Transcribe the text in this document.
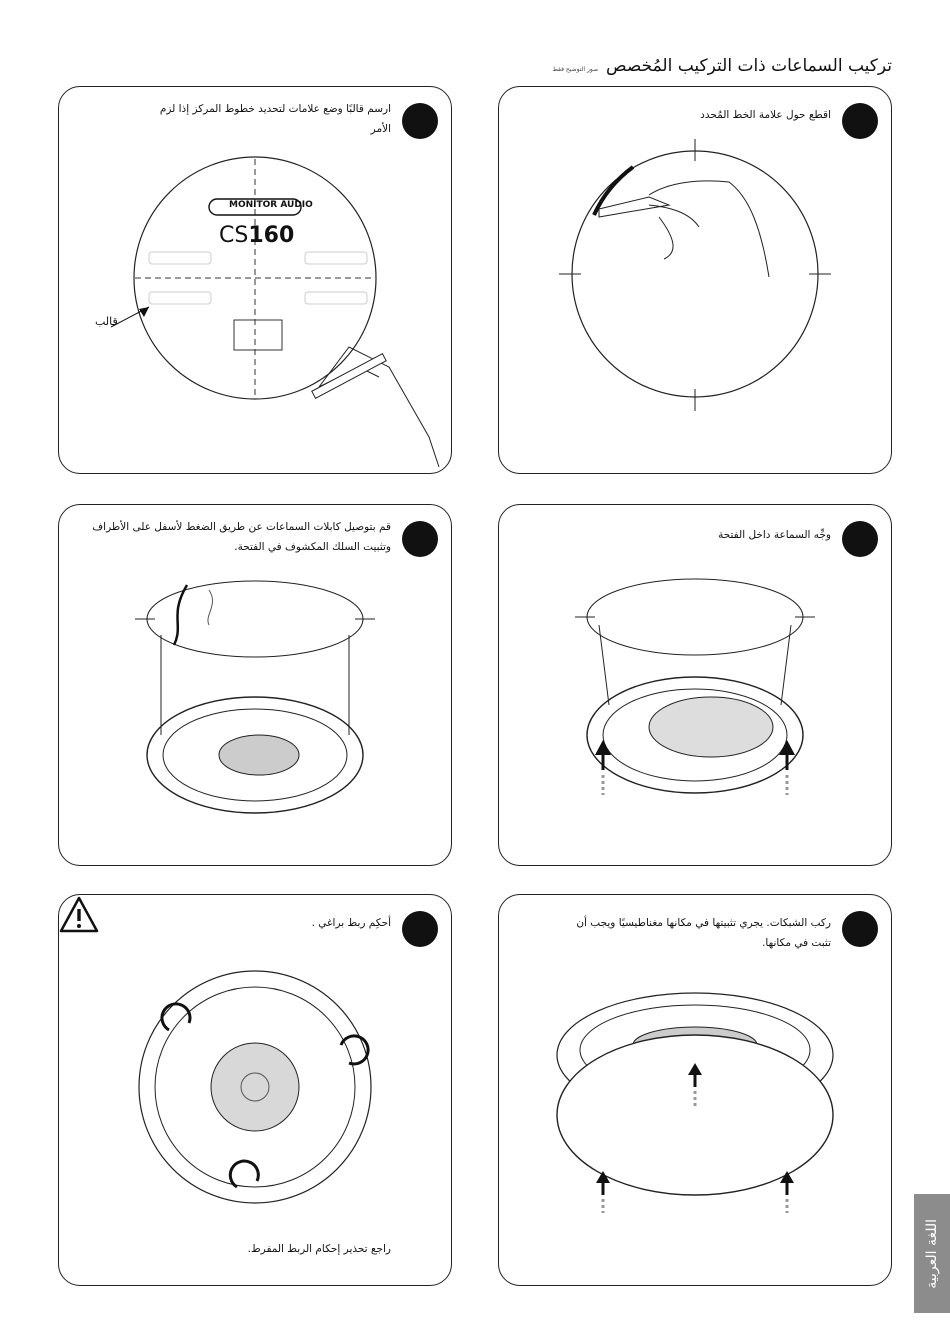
تركيب السماعات ذات التركيب المُخصص
صور التوضيح فقط
اقطع حول علامة الخط المُحدد
ارسم قالبًا وضع علامات لتحديد خطوط المركز إذا لزم
الأمر
MONITOR AUDIO
CS160
قالب
وجِّه السماعة داخل الفتحة
قم بتوصيل كابلات السماعات عن طريق الضغط لأسفل على الأطراف
وتثبيت السلك المكشوف في الفتحة.
ركب الشبكات. يجري تثبيتها في مكانها مغناطيسيًا ويجب أن
تثبت في مكانها.
أحكِم ربط براغي .
راجع تحذير إحكام الربط المفرط.	اللغة العربية
